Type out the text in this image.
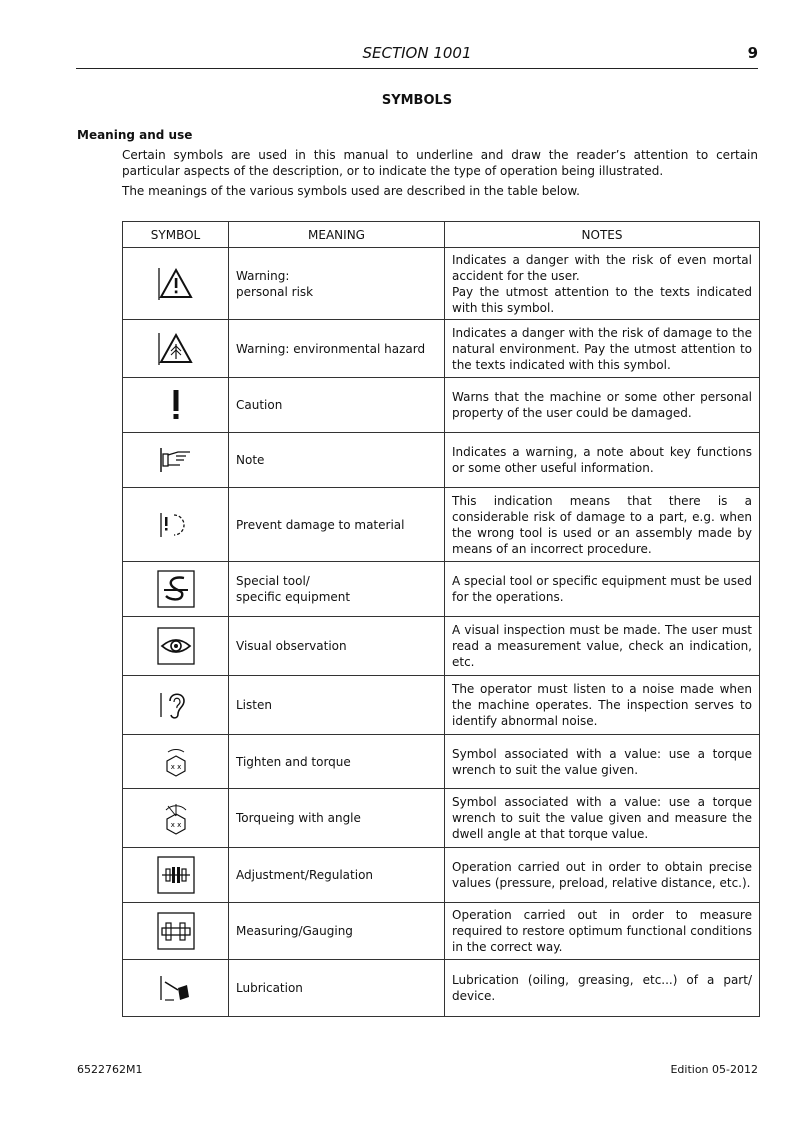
SECTION 1001	9
SYMBOLS
Meaning and use

Certain symbols are used in this manual to underline and draw the reader’s attention to certain particular aspects of the description, or to indicate the type of operation being illustrated.

The meanings of the various symbols used are described in the table below.

SYMBOL	MEANING	NOTES

Warning:
personal risk	Indicates a danger with the risk of even mortal accident for the user.
Pay the utmost attention to the texts indicated with this symbol.

Warning: environmental hazard	Indicates a danger with the risk of damage to the natural environment. Pay the utmost attention to the texts indicated with this symbol.

Caution	Warns that the machine or some other personal property of the user could be damaged.

Note	Indicates a warning, a note about key functions or some other useful information.

Prevent damage to material	This indication means that there is a considerable risk of damage to a part, e.g. when the wrong tool is used or an assembly made by means of an incorrect procedure.

Special tool/
specific equipment	A special tool or specific equipment must be used for the operations.

Visual observation	A visual inspection must be made. The user must read a measurement value, check an indication, etc.

Listen	The operator must listen to a noise made when the machine operates. The inspection serves to identify abnormal noise.

x x	Tighten and torque	Symbol associated with a value: use a torque wrench to suit the value given.

x x	Torqueing with angle	Symbol associated with a value: use a torque wrench to suit the value given and measure the dwell angle at that torque value.

Adjustment/Regulation	Operation carried out in order to obtain precise values (pressure, preload, relative distance, etc.).

Measuring/Gauging	Operation carried out in order to measure required to restore optimum functional conditions in the correct way.

Lubrication	Lubrication (oiling, greasing, etc...) of a part/ device.
6522762M1	Edition 05-2012
